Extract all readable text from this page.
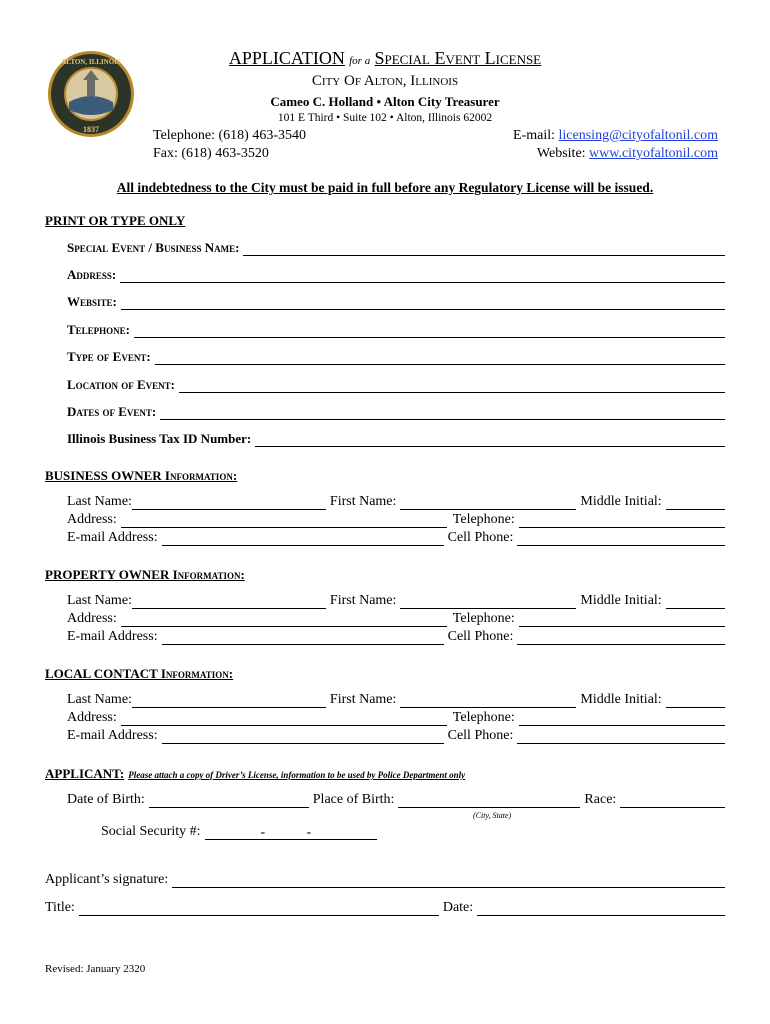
ALTON, ILLINOIS
1837
APPLICATION for a Special Event License
City Of Alton, Illinois
Cameo C. Holland • Alton City Treasurer
101 E Third • Suite 102 • Alton, Illinois 62002
Telephone: (618) 463-3540
Fax: (618) 463-3520
E-mail: licensing@cityofaltonil.com
Website: www.cityofaltonil.com
All indebtedness to the City must be paid in full before any Regulatory License will be issued.
PRINT OR TYPE ONLY
Special Event / Business Name:
Address:
Website:
Telephone:
Type of Event:
Location of Event:
Dates of Event:
Illinois Business Tax ID Number:
BUSINESS OWNER Information:
Last Name:	First Name:	Middle Initial:
Address:	Telephone:
E-mail Address:	Cell Phone:
PROPERTY OWNER Information:
Last Name:	First Name:	Middle Initial:
Address:	Telephone:
E-mail Address:	Cell Phone:
LOCAL CONTACT Information:
Last Name:	First Name:	Middle Initial:
Address:	Telephone:
E-mail Address:	Cell Phone:
APPLICANT: Please attach a copy of Driver’s License, information to be used by Police Department only
Date of Birth:	Place of Birth:	Race:
(City, State)
Social Security #:	-	-
Applicant’s signature:
Title:	Date:
Revised: January 2320
